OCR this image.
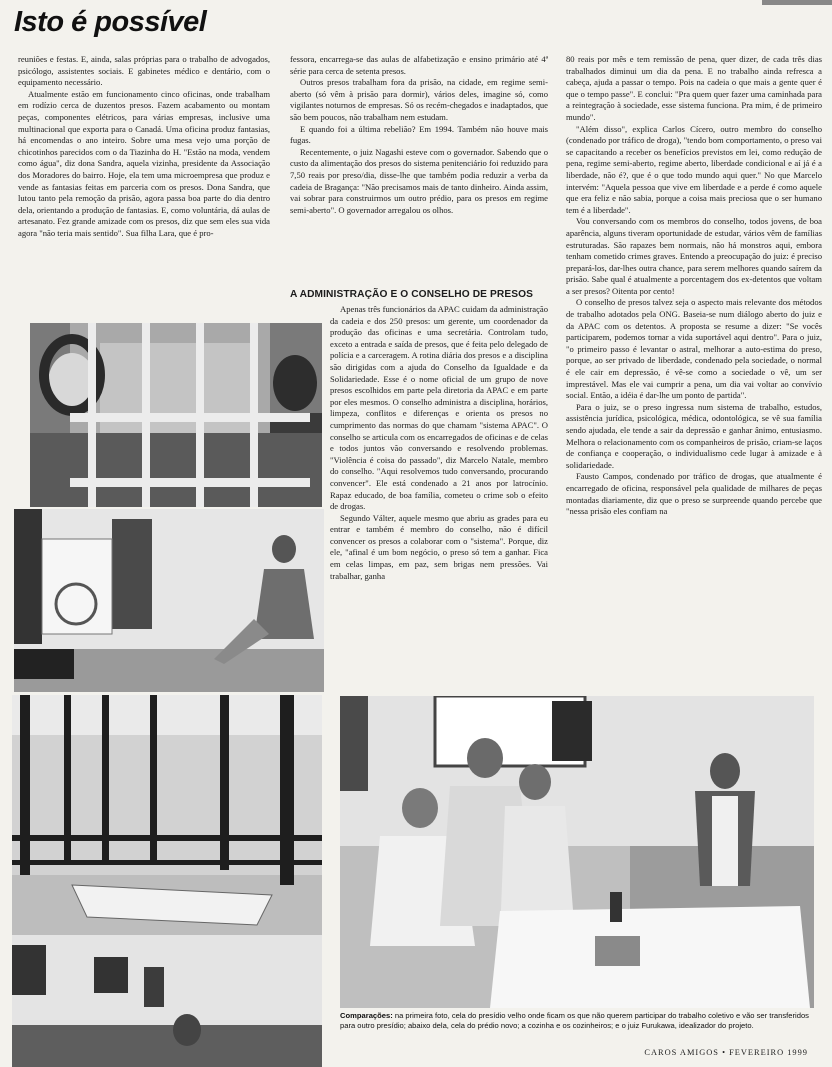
Isto é possível

reuniões e festas. E, ainda, salas próprias para o trabalho de advogados, psicólogo, assistentes sociais. E gabinetes médico e dentário, com o equipamento necessário.

Atualmente estão em funcionamento cinco oficinas, onde trabalham em rodízio cerca de duzentos presos. Fazem acabamento ou montam peças, componentes elétricos, para várias empresas, inclusive uma multinacional que exporta para o Canadá. Uma oficina produz fantasias, há encomendas o ano inteiro. Sobre uma mesa vejo uma porção de chicotinhos parecidos com o da Tiazinha do H. "Estão na moda, vendem como água", diz dona Sandra, aquela vizinha, presidente da Associação dos Moradores do bairro. Hoje, ela tem uma microempresa que produz e vende as fantasias feitas em parceria com os presos. Dona Sandra, que lutou tanto pela remoção da prisão, agora passa boa parte do dia dentro dela, orientando a produção de fantasias. E, como voluntária, dá aulas de artesanato. Fez grande amizade com os presos, diz que sem eles sua vida agora "não teria mais sentido". Sua filha Lara, que é pro-

fessora, encarrega-se das aulas de alfabetização e ensino primário até 4ª série para cerca de setenta presos.

Outros presos trabalham fora da prisão, na cidade, em regime semi-aberto (só vêm à prisão para dormir), vários deles, imagine só, como vigilantes noturnos de empresas. Só os recém-chegados e inadaptados, que são bem poucos, não trabalham nem estudam.

E quando foi a última rebelião? Em 1994. Também não houve mais fugas.

Recentemente, o juiz Nagashi esteve com o governador. Sabendo que o custo da alimentação dos presos do sistema penitenciário foi reduzido para 7,50 reais por preso/dia, disse-lhe que também podia reduzir a verba da cadeia de Bragança: "Não precisamos mais de tanto dinheiro. Ainda assim, vai sobrar para construirmos um outro prédio, para os presos em regime semi-aberto". O governador arregalou os olhos.

A ADMINISTRAÇÃO E O CONSELHO DE PRESOS

Apenas três funcionários da APAC cuidam da administração da cadeia e dos 250 presos: um gerente, um coordenador da produção das oficinas e uma secretária. Controlam tudo, exceto a entrada e saída de presos, que é feita pelo delegado de polícia e a carceragem. A rotina diária dos presos e a disciplina são dirigidas com a ajuda do Conselho da Igualdade e da Solidariedade. Esse é o nome oficial de um grupo de nove presos escolhidos em parte pela diretoria da APAC e em parte por eles mesmos. O conselho administra a disciplina, horários, limpeza, conflitos e diferenças e orienta os presos no cumprimento das normas do que chamam "sistema APAC". O conselho se articula com os encarregados de oficinas e de celas e todos juntos vão conversando e resolvendo problemas. "Violência é coisa do passado", diz Marcelo Natale, membro do conselho. "Aqui resolvemos tudo conversando, procurando convencer". Ele está condenado a 21 anos por latrocínio. Rapaz educado, de boa família, cometeu o crime sob o efeito de drogas.

Segundo Válter, aquele mesmo que abriu as grades para eu entrar e também é membro do conselho, não é difícil convencer os presos a colaborar com o "sistema". Porque, diz ele, "afinal é um bom negócio, o preso só tem a ganhar. Fica em celas limpas, em paz, sem brigas nem pressões. Vai trabalhar, ganha

80 reais por mês e tem remissão de pena, quer dizer, de cada três dias trabalhados diminui um dia da pena. E no trabalho ainda refresca a cabeça, ajuda a passar o tempo. Pois na cadeia o que mais a gente quer é que o tempo passe". E conclui: "Pra quem quer fazer uma caminhada para a reintegração à sociedade, esse sistema funciona. Pra mim, é de primeiro mundo".

"Além disso", explica Carlos Cícero, outro membro do conselho (condenado por tráfico de droga), "tendo bom comportamento, o preso vai se capacitando a receber os benefícios previstos em lei, como redução de pena, regime semi-aberto, regime aberto, liberdade condicional e aí já é a liberdade, não é?, que é o que todo mundo aqui quer." No que Marcelo intervém: "Aquela pessoa que vive em liberdade e a perde é como aquele que era feliz e não sabia, porque a coisa mais preciosa que o ser humano tem é a liberdade".

Vou conversando com os membros do conselho, todos jovens, de boa aparência, alguns tiveram oportunidade de estudar, vários vêm de famílias estruturadas. São rapazes bem normais, não há monstros aqui, embora tenham cometido crimes graves. Entendo a preocupação do juiz: é preciso prepará-los, dar-lhes outra chance, para serem melhores quando saírem da prisão. Sabe qual é atualmente a porcentagem dos ex-detentos que voltam a ser presos? Oitenta por cento!

O conselho de presos talvez seja o aspecto mais relevante dos métodos de trabalho adotados pela ONG. Baseia-se num diálogo aberto do juiz e da APAC com os detentos. A proposta se resume a dizer: "Se vocês participarem, podemos tornar a vida suportável aqui dentro". Para o juiz, "o primeiro passo é levantar o astral, melhorar a auto-estima do preso, porque, ao ser privado de liberdade, condenado pela sociedade, o normal é ele cair em depressão, é vê-se como a sociedade o vê, um ser imprestável. Mas ele vai cumprir a pena, um dia vai voltar ao convívio social. Então, a idéia é dar-lhe um ponto de partida".

Para o juiz, se o preso ingressa num sistema de trabalho, estudos, assistência jurídica, psicológica, médica, odontológica, se vê sua família sendo ajudada, ele tende a sair da depressão e ganhar ânimo, entusiasmo. Melhora o relacionamento com os companheiros de prisão, criam-se laços de confiança e cooperação, o individualismo cede lugar à amizade e à solidariedade.

Fausto Campos, condenado por tráfico de drogas, que atualmente é encarregado de oficina, responsável pela qualidade de milhares de peças montadas diariamente, diz que o preso se surpreende quando percebe que "nessa prisão eles confiam na

Comparações: na primeira foto, cela do presídio velho onde ficam os que não querem participar do trabalho coletivo e vão ser transferidos para outro presídio; abaixo dela, cela do prédio novo; a cozinha e os cozinheiros; e o juiz Furukawa, idealizador do projeto.

CAROS AMIGOS • FEVEREIRO 1999
